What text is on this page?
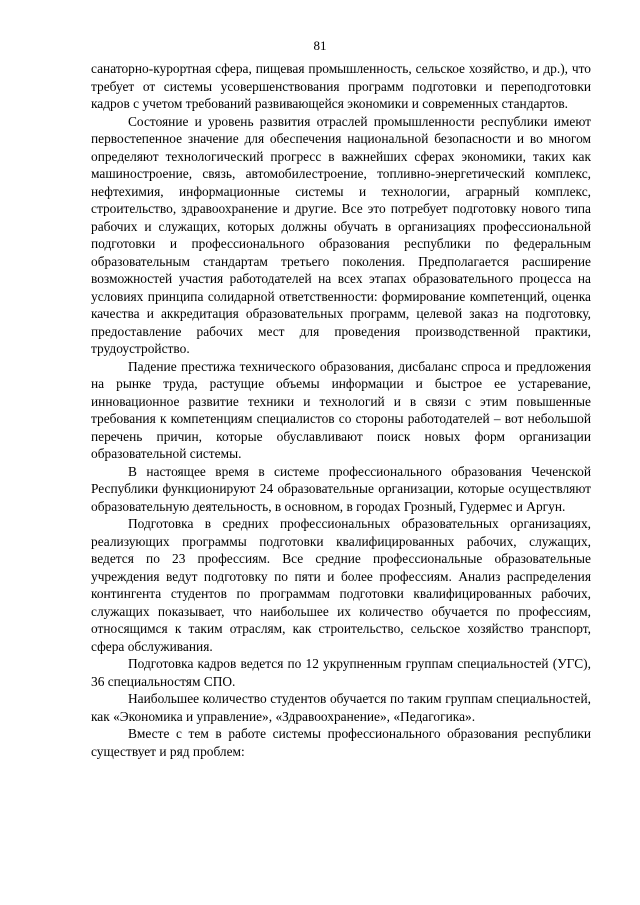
81

санаторно-курортная сфера, пищевая промышленность, сельское хозяйство, и др.), что требует от системы усовершенствования программ подготовки и переподготовки кадров с учетом требований развивающейся экономики и современных стандартов.

Состояние и уровень развития отраслей промышленности республики имеют первостепенное значение для обеспечения национальной безопасности и во многом определяют технологический прогресс в важнейших сферах экономики, таких как машиностроение, связь, автомобилестроение, топливно-энергетический комплекс, нефтехимия, информационные системы и технологии, аграрный комплекс, строительство, здравоохранение и другие. Все это потребует подготовку нового типа рабочих и служащих, которых должны обучать в организациях профессиональной подготовки и профессионального образования республики по федеральным образовательным стандартам третьего поколения. Предполагается расширение возможностей участия работодателей на всех этапах образовательного процесса на условиях принципа солидарной ответственности: формирование компетенций, оценка качества и аккредитация образовательных программ, целевой заказ на подготовку, предоставление рабочих мест для проведения производственной практики, трудоустройство.

Падение престижа технического образования, дисбаланс спроса и предложения на рынке труда, растущие объемы информации и быстрое ее устаревание, инновационное развитие техники и технологий и в связи с этим повышенные требования к компетенциям специалистов со стороны работодателей – вот небольшой перечень причин, которые обуславливают поиск новых форм организации образовательной системы.

В настоящее время в системе профессионального образования Чеченской Республики функционируют 24 образовательные организации, которые осуществляют образовательную деятельность, в основном, в городах Грозный, Гудермес и Аргун.

Подготовка в средних профессиональных образовательных организациях, реализующих программы подготовки квалифицированных рабочих, служащих, ведется по 23 профессиям. Все средние профессиональные образовательные учреждения ведут подготовку по пяти и более профессиям. Анализ распределения контингента студентов по программам подготовки квалифицированных рабочих, служащих показывает, что наибольшее их количество обучается по профессиям, относящимся к таким отраслям, как строительство, сельское хозяйство транспорт, сфера обслуживания.

Подготовка кадров ведется по 12 укрупненным группам специальностей (УГС), 36 специальностям СПО.

Наибольшее количество студентов обучается по таким группам специальностей, как «Экономика и управление», «Здравоохранение», «Педагогика».

Вместе с тем в работе системы профессионального образования республики существует и ряд проблем:
